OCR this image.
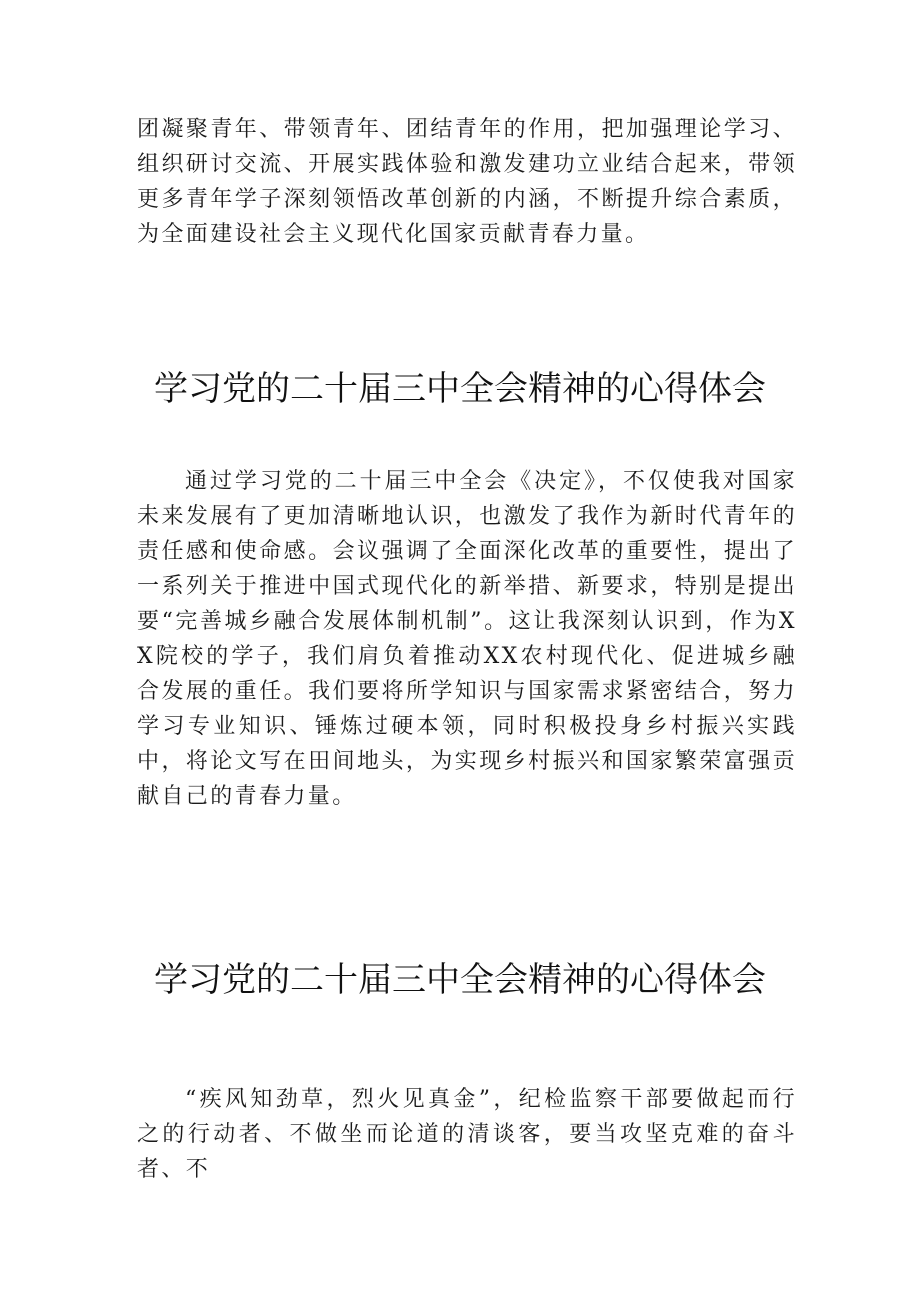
团凝聚青年、带领青年、团结青年的作用，把加强理论学习、组织研讨交流、开展实践体验和激发建功立业结合起来，带领更多青年学子深刻领悟改革创新的内涵，不断提升综合素质，为全面建设社会主义现代化国家贡献青春力量。

学习党的二十届三中全会精神的心得体会

通过学习党的二十届三中全会《决定》，不仅使我对国家未来发展有了更加清晰地认识，也激发了我作为新时代青年的责任感和使命感。会议强调了全面深化改革的重要性，提出了一系列关于推进中国式现代化的新举措、新要求，特别是提出要“完善城乡融合发展体制机制”。这让我深刻认识到，作为XX院校的学子，我们肩负着推动XX农村现代化、促进城乡融合发展的重任。我们要将所学知识与国家需求紧密结合，努力学习专业知识、锤炼过硬本领，同时积极投身乡村振兴实践中，将论文写在田间地头，为实现乡村振兴和国家繁荣富强贡献自己的青春力量。

学习党的二十届三中全会精神的心得体会

“疾风知劲草，烈火见真金”，纪检监察干部要做起而行之的行动者、不做坐而论道的清谈客，要当攻坚克难的奋斗者、不
